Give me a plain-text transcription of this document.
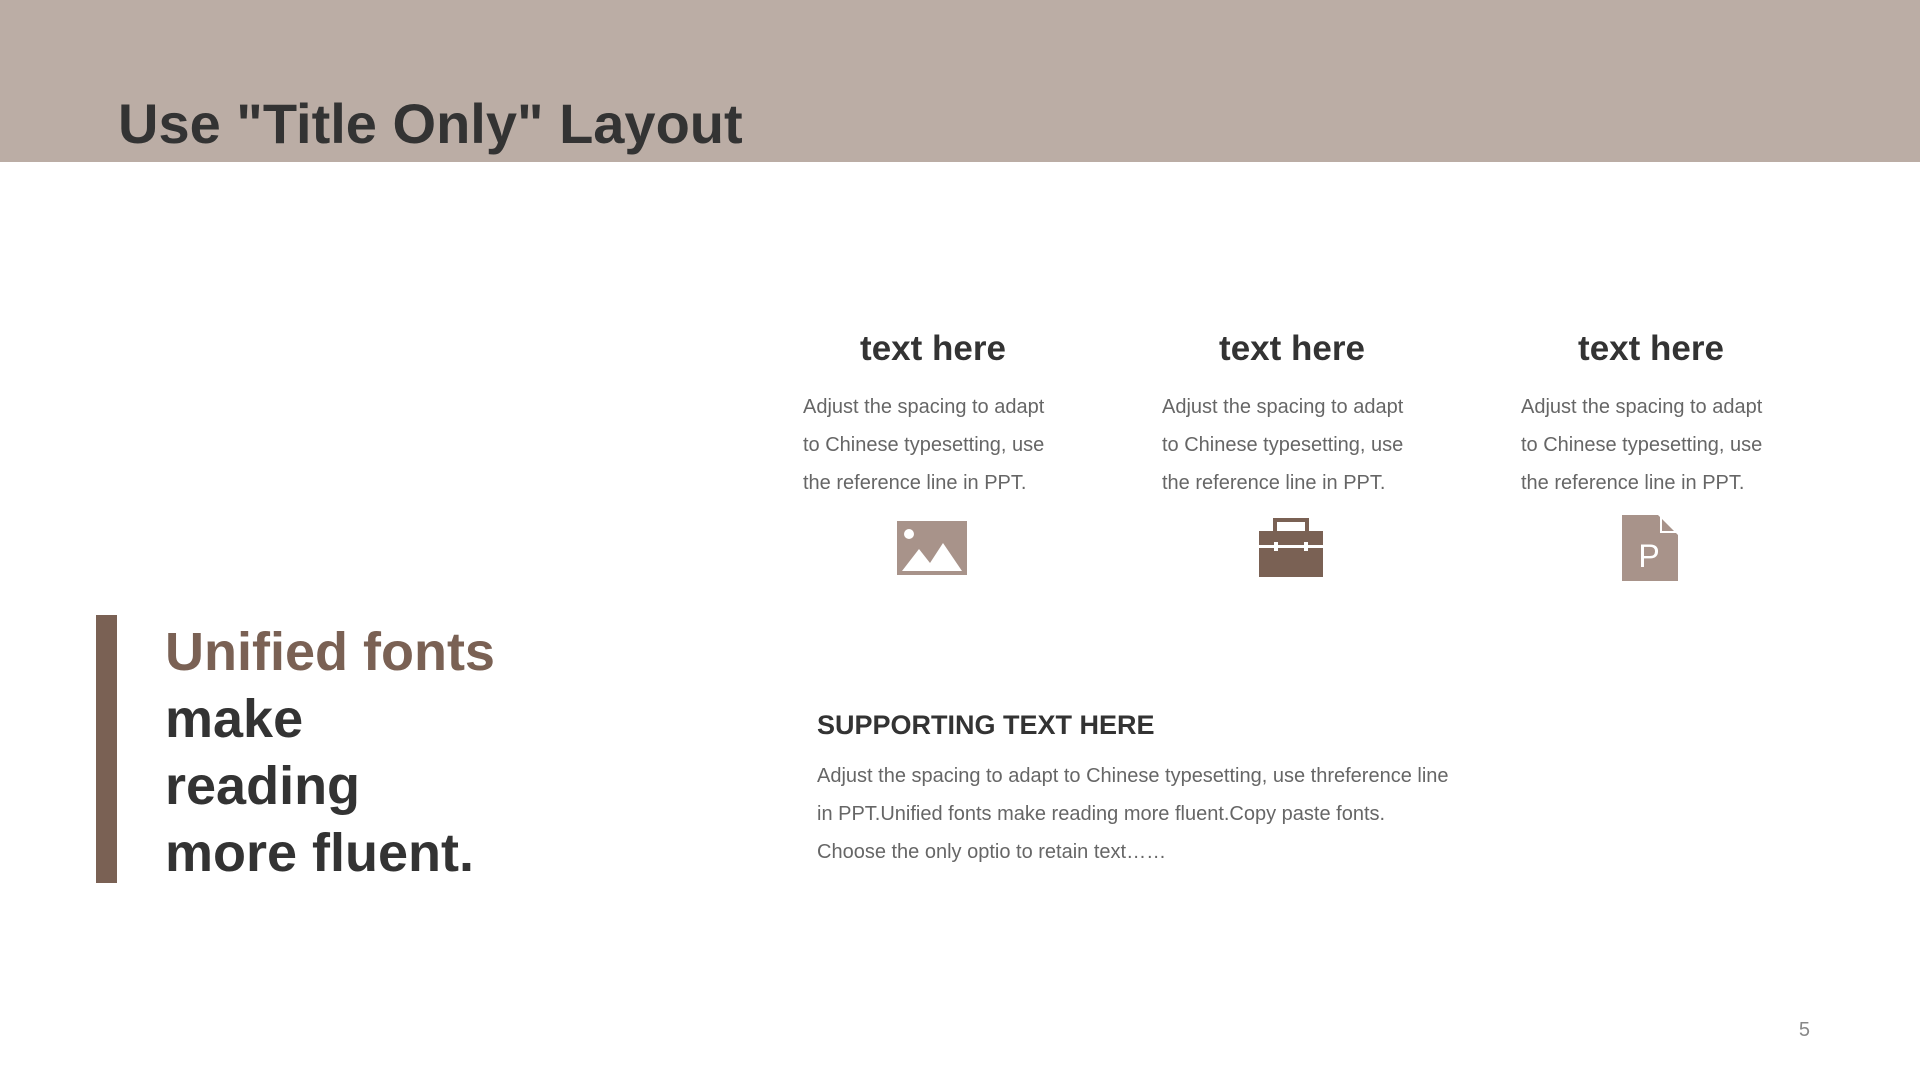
Use "Title Only" Layout
Unified fonts
make
reading
more fluent.
text here
Adjust the spacing to adapt
to Chinese typesetting, use
the reference line in PPT.
text here
Adjust the spacing to adapt
to Chinese typesetting, use
the reference line in PPT.
text here
Adjust the spacing to adapt
to Chinese typesetting, use
the reference line in PPT.
P
SUPPORTING TEXT HERE
Adjust the spacing to adapt to Chinese typesetting, use threference line
in PPT.Unified fonts make reading more fluent.Copy paste fonts.
Choose the only optio to retain text……
5
